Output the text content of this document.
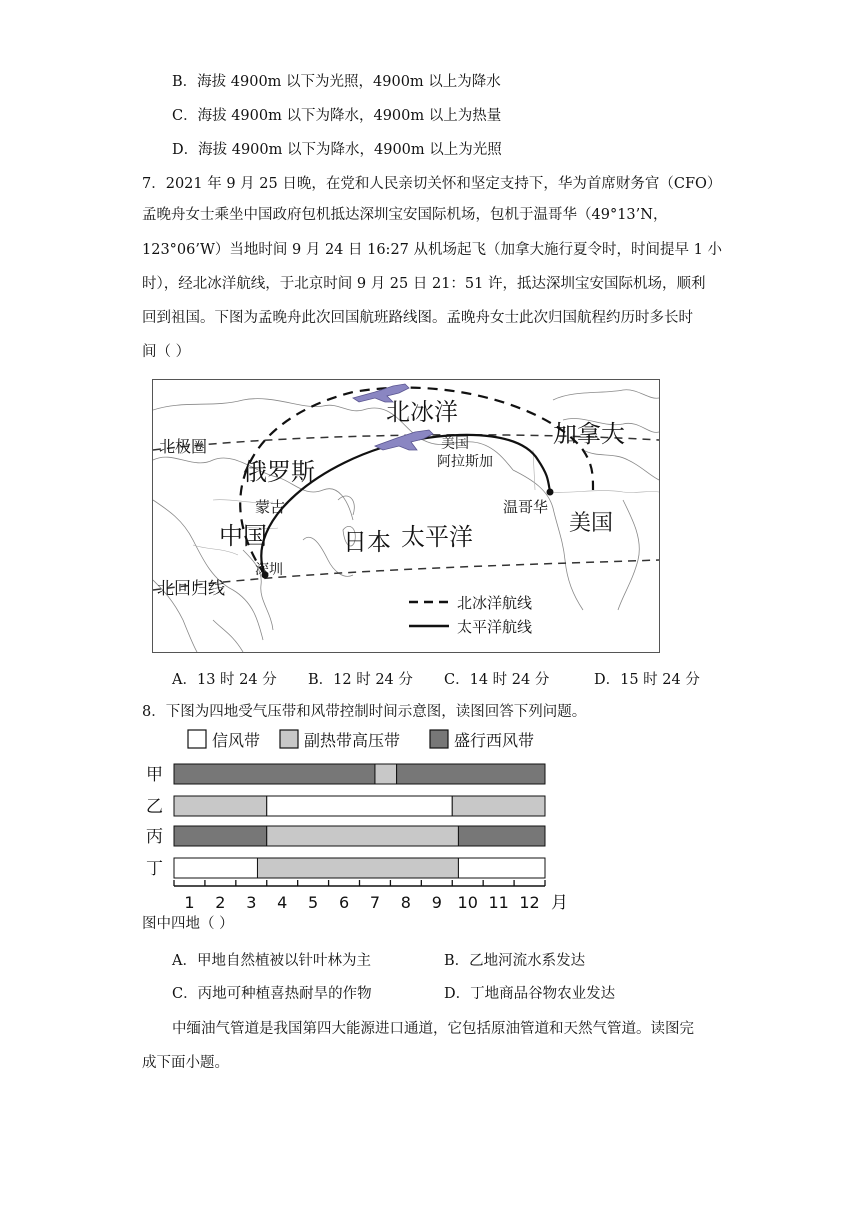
B．海拔 4900m 以下为光照，4900m 以上为降水
C．海拔 4900m 以下为降水，4900m 以上为热量
D．海拔 4900m 以下为降水，4900m 以上为光照
7．2021 年 9 月 25 日晚，在党和人民亲切关怀和坚定支持下，华为首席财务官（CFO）
孟晚舟女士乘坐中国政府包机抵达深圳宝安国际机场，包机于温哥华（49°13’N，
123°06’W）当地时间 9 月 24 日 16:27 从机场起飞（加拿大施行夏令时，时间提早 1 小
时），经北冰洋航线，于北京时间 9 月 25 日 21：51 许，抵达深圳宝安国际机场，顺利
回到祖国。下图为孟晚舟此次回国航班路线图。孟晚舟女士此次归国航程约历时多长时
间（ ）
北冰洋
北极圈
俄罗斯
蒙古
中国	日本 太平洋
美国
阿拉斯加
加拿大
温哥华
美国
深圳
北回归线
北冰洋航线
太平洋航线
A．13 时 24 分 B．12 时 24 分 C．14 时 24 分	D．15 时 24 分
8．下图为四地受气压带和风带控制时间示意图，读图回答下列问题。
信风带	副热带高压带	盛行西风带
甲
乙
丙
丁
1 2 3 4 5 6 7 8 9 10 11 12 月
图中四地（ ）
A．甲地自然植被以针叶林为主	B．乙地河流水系发达
C．丙地可种植喜热耐旱的作物	D．丁地商品谷物农业发达
中缅油气管道是我国第四大能源进口通道，它包括原油管道和天然气管道。读图完
成下面小题。
